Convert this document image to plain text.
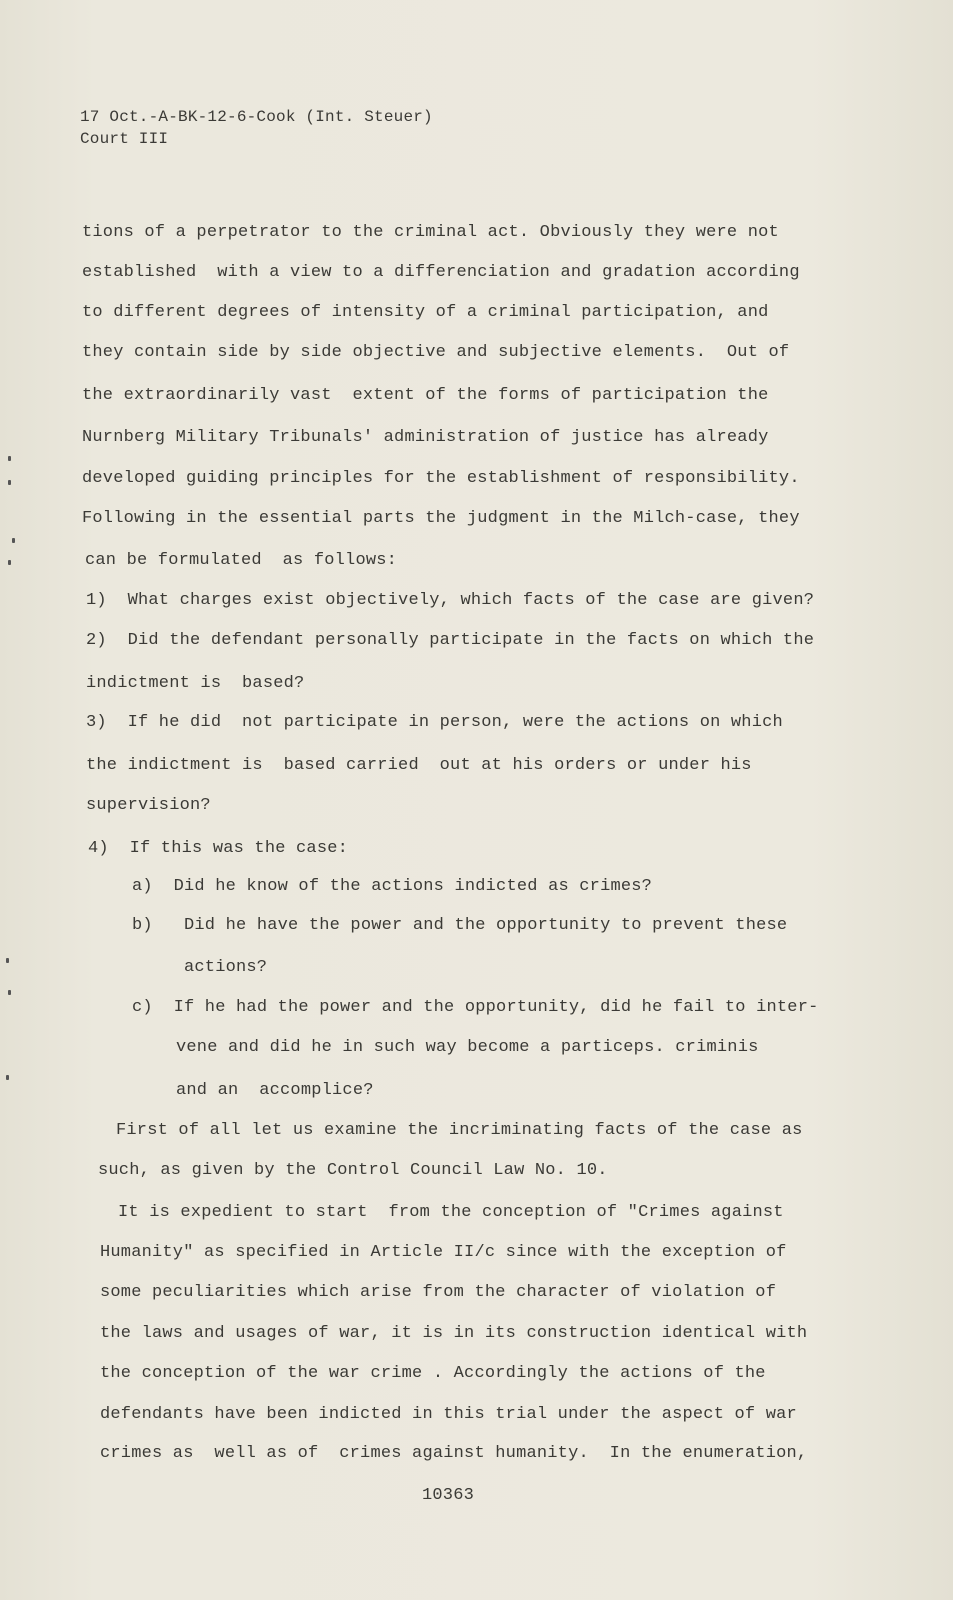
17 Oct.-A-BK-12-6-Cook (Int. Steuer)
Court III
tions of a perpetrator to the criminal act. Obviously they were not
established  with a view to a differenciation and gradation according
to different degrees of intensity of a criminal participation, and
they contain side by side objective and subjective elements.  Out of
the extraordinarily vast  extent of the forms of participation the
Nurnberg Military Tribunals' administration of justice has already
developed guiding principles for the establishment of responsibility.
Following in the essential parts the judgment in the Milch-case, they
can be formulated  as follows:
1)  What charges exist objectively, which facts of the case are given?
2)  Did the defendant personally participate in the facts on which the
indictment is  based?
3)  If he did  not participate in person, were the actions on which
the indictment is  based carried  out at his orders or under his
supervision?
4)  If this was the case:
a)  Did he know of the actions indicted as crimes?
b)   Did he have the power and the opportunity to prevent these
actions?
c)  If he had the power and the opportunity, did he fail to inter-
vene and did he in such way become a particeps. criminis
and an  accomplice?
First of all let us examine the incriminating facts of the case as
such, as given by the Control Council Law No. 10.
It is expedient to start  from the conception of "Crimes against
Humanity" as specified in Article II/c since with the exception of
some peculiarities which arise from the character of violation of
the laws and usages of war, it is in its construction identical with
the conception of the war crime . Accordingly the actions of the
defendants have been indicted in this trial under the aspect of war
crimes as  well as of  crimes against humanity.  In the enumeration,
10363
